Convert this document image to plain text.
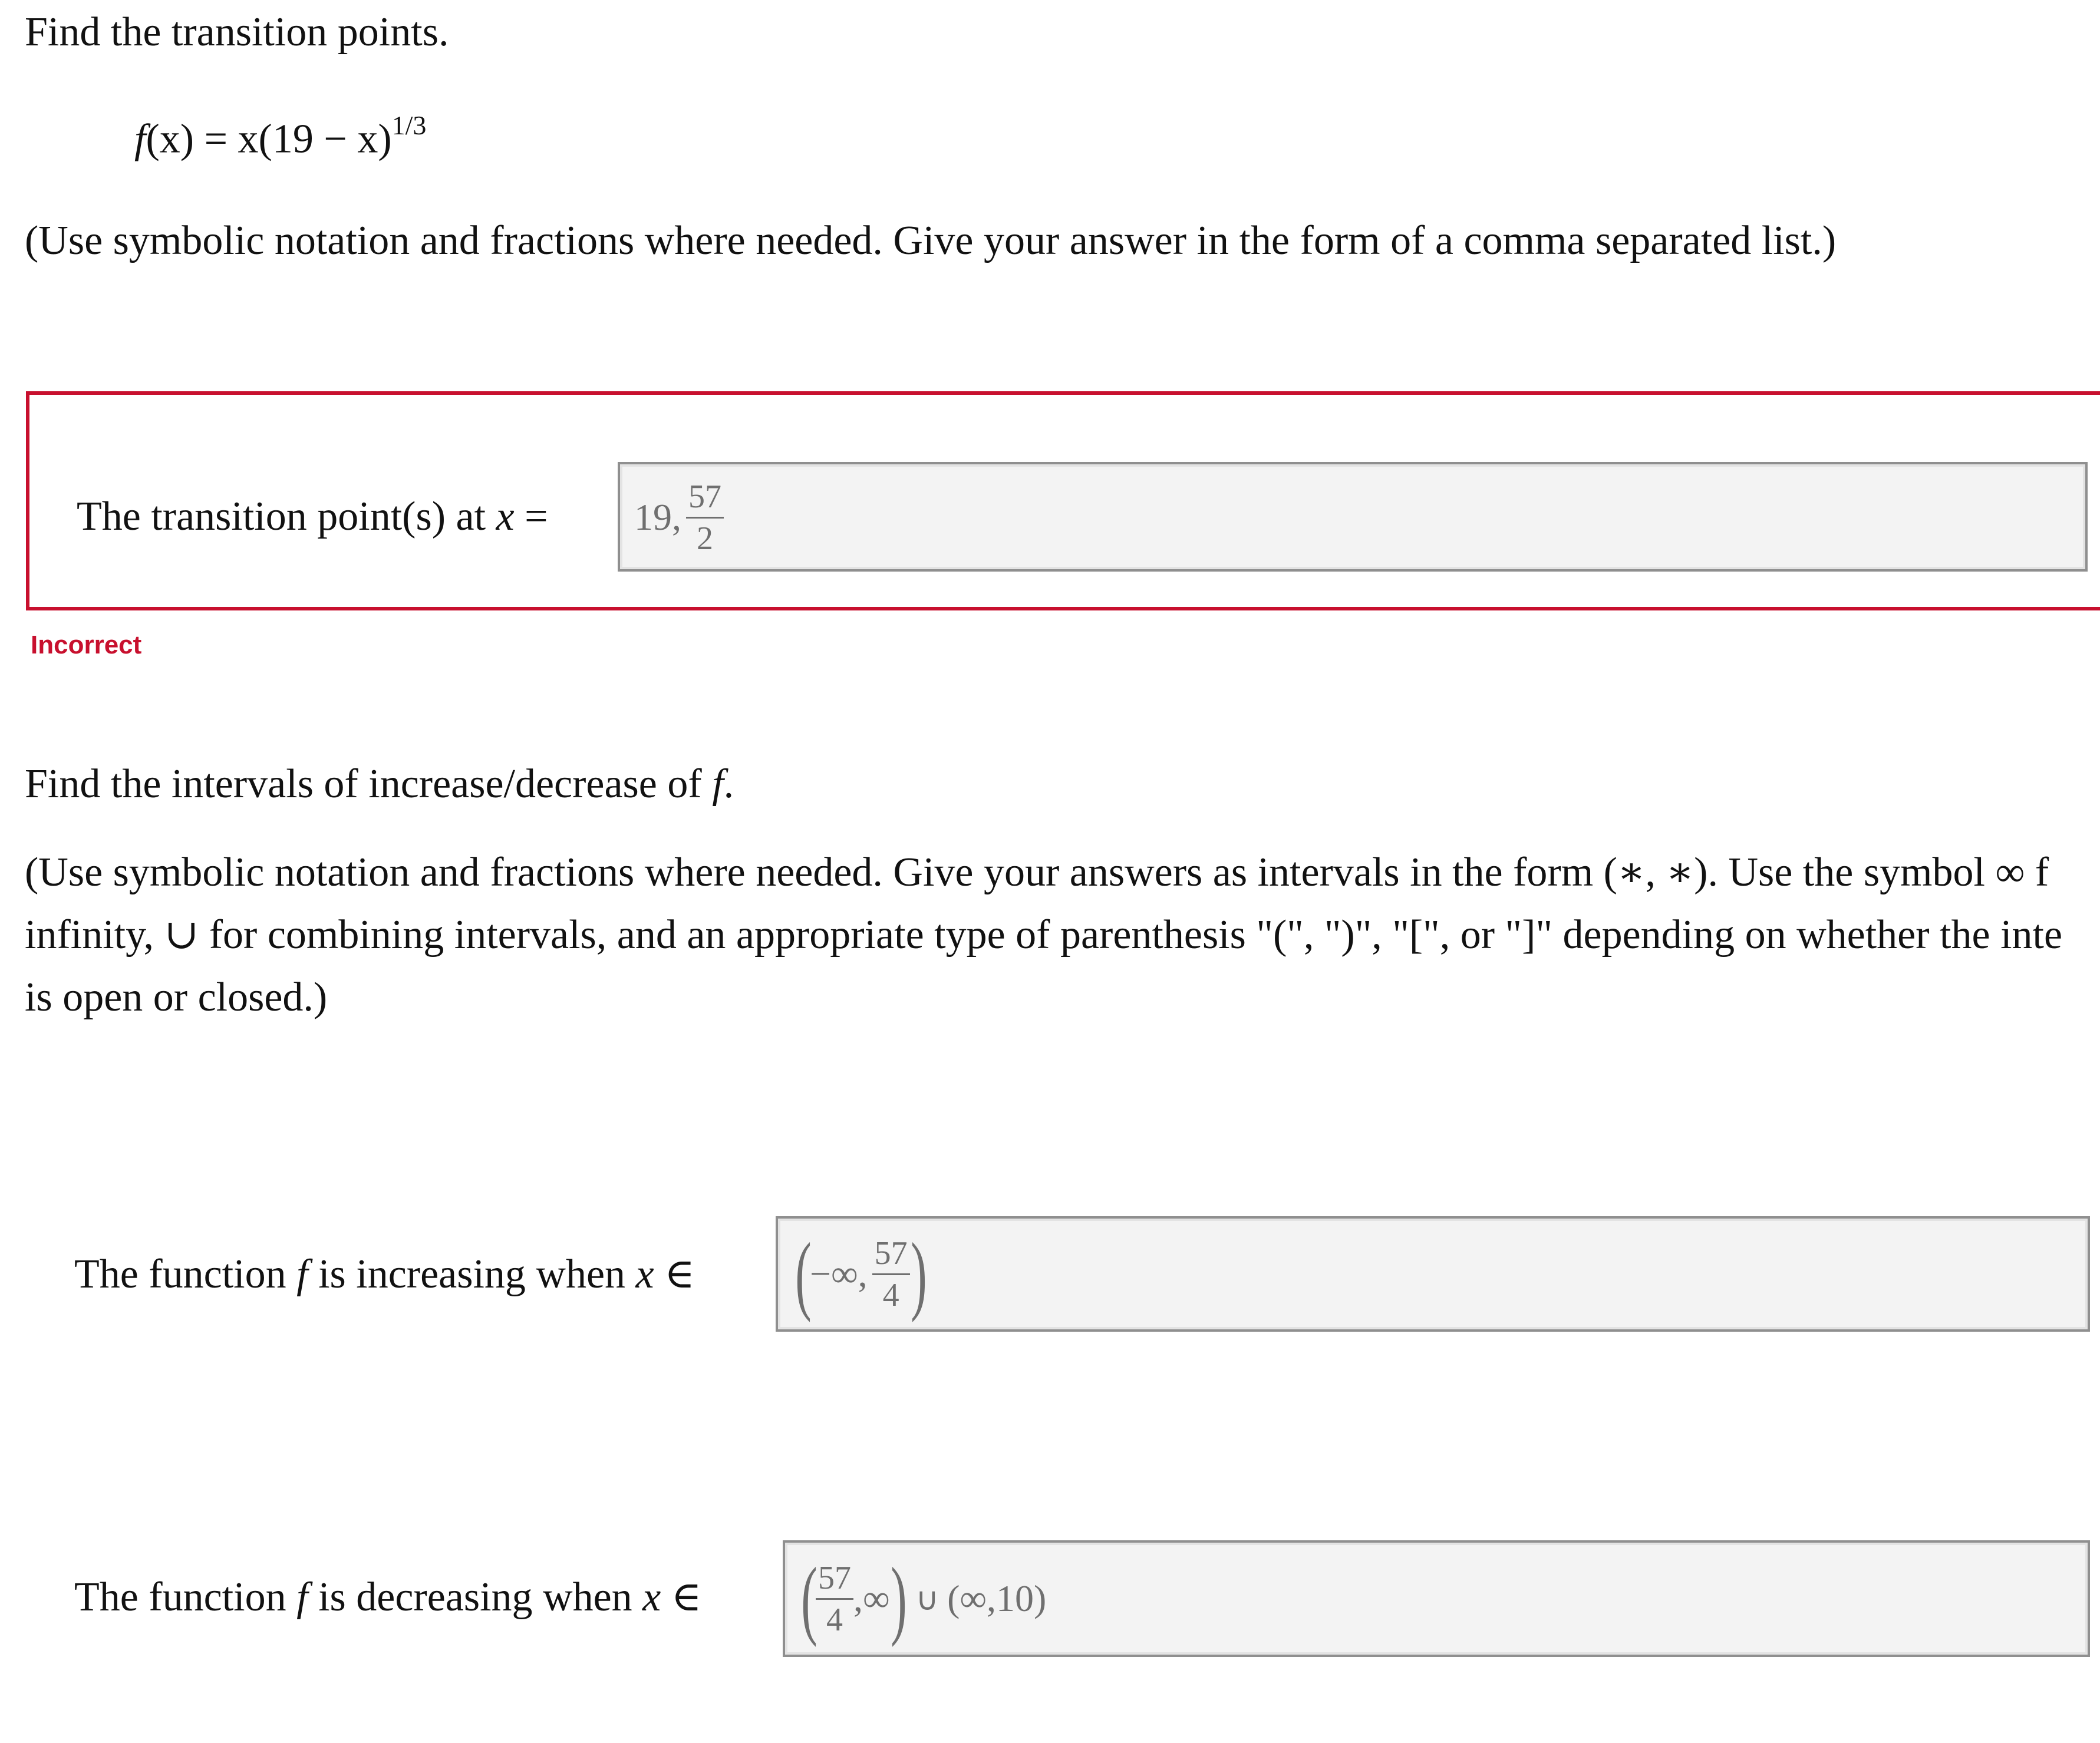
Find the transition points.
$f(x) = x(19 - x)^{1/3}$
(Use symbolic notation and fractions where needed. Give your answer in the form of a comma separated list.)
The transition point(s) at x = 19, $\frac{57}{2}$
Incorrect
Find the intervals of increase/decrease of f.
(Use symbolic notation and fractions where needed. Give your answers as intervals in the form (∗, ∗). Use the symbol ∞ f
infinity, ∪ for combining intervals, and an appropriate type of parenthesis "(", ")", "[", or "]" depending on whether the inte
is open or closed.)
The function f is increasing when x ∈ (
−∞, $\frac{57}{4}$ )
The function f is decreasing when x ∈ (
$\frac{57}{4}$ ,∞ ) ∪ (∞,10)
